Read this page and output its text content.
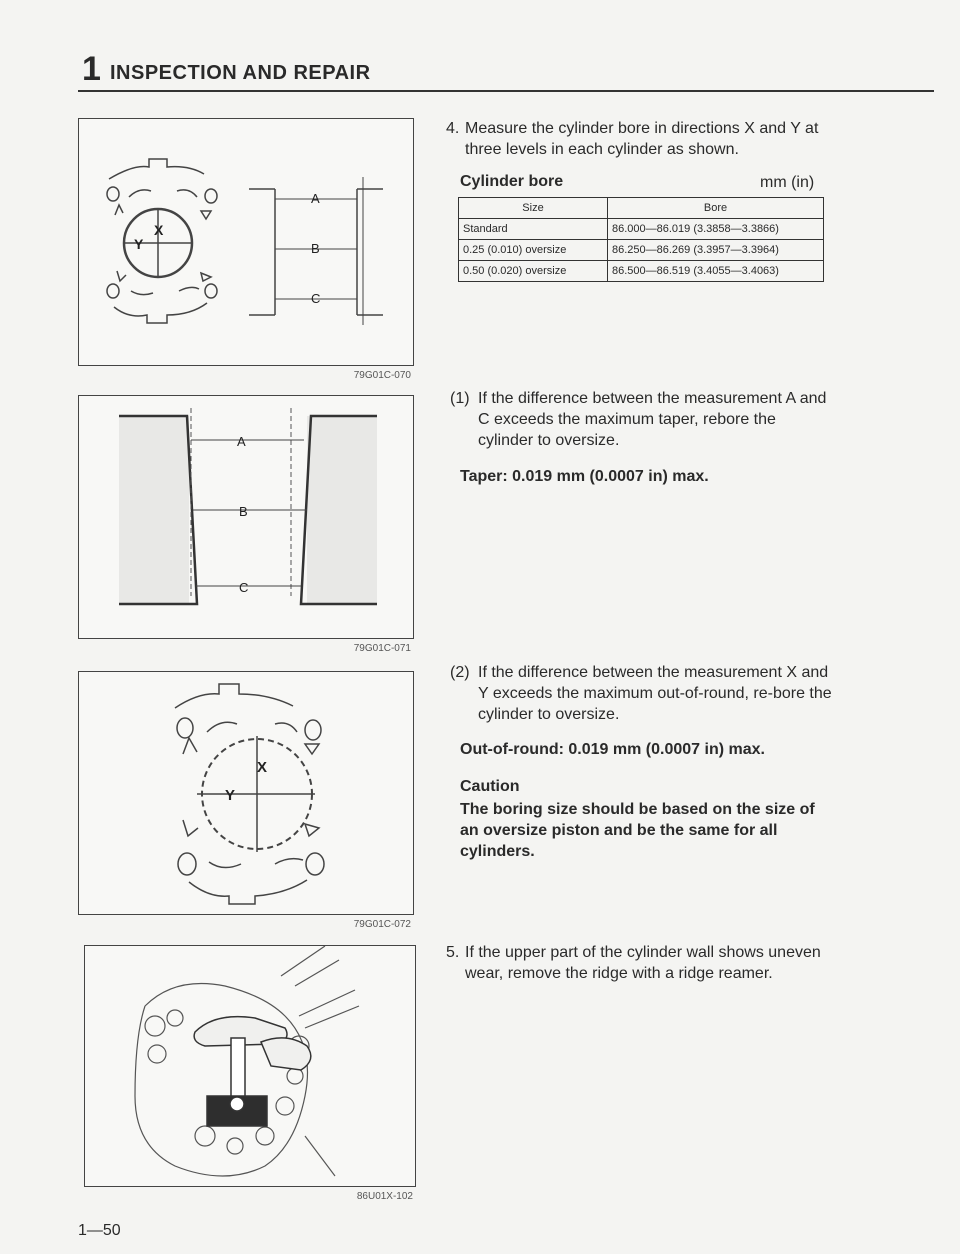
1 INSPECTION AND REPAIR
X
Y
A
B
C
79G01C-070
A
B
C
79G01C-071
X
Y
79G01C-072
86U01X-102
4. Measure the cylinder bore in directions X and Y at three levels in each cylinder as shown.

Cylinder bore	mm (in)
Size	Bore
Standard	86.000—86.019 (3.3858—3.3866)
0.25 (0.010) oversize	86.250—86.269 (3.3957—3.3964)
0.50 (0.020) oversize	86.500—86.519 (3.4055—3.4063)
(1) If the difference between the measurement A and C exceeds the maximum taper, rebore the cylinder to oversize.

Taper: 0.019 mm (0.0007 in) max.
(2) If the difference between the measurement X and Y exceeds the maximum out-of-round, re-bore the cylinder to oversize.

Out-of-round: 0.019 mm (0.0007 in) max.
Caution
The boring size should be based on the size of an oversize piston and be the same for all cylinders.
5. If the upper part of the cylinder wall shows uneven wear, remove the ridge with a ridge reamer.

1—50
